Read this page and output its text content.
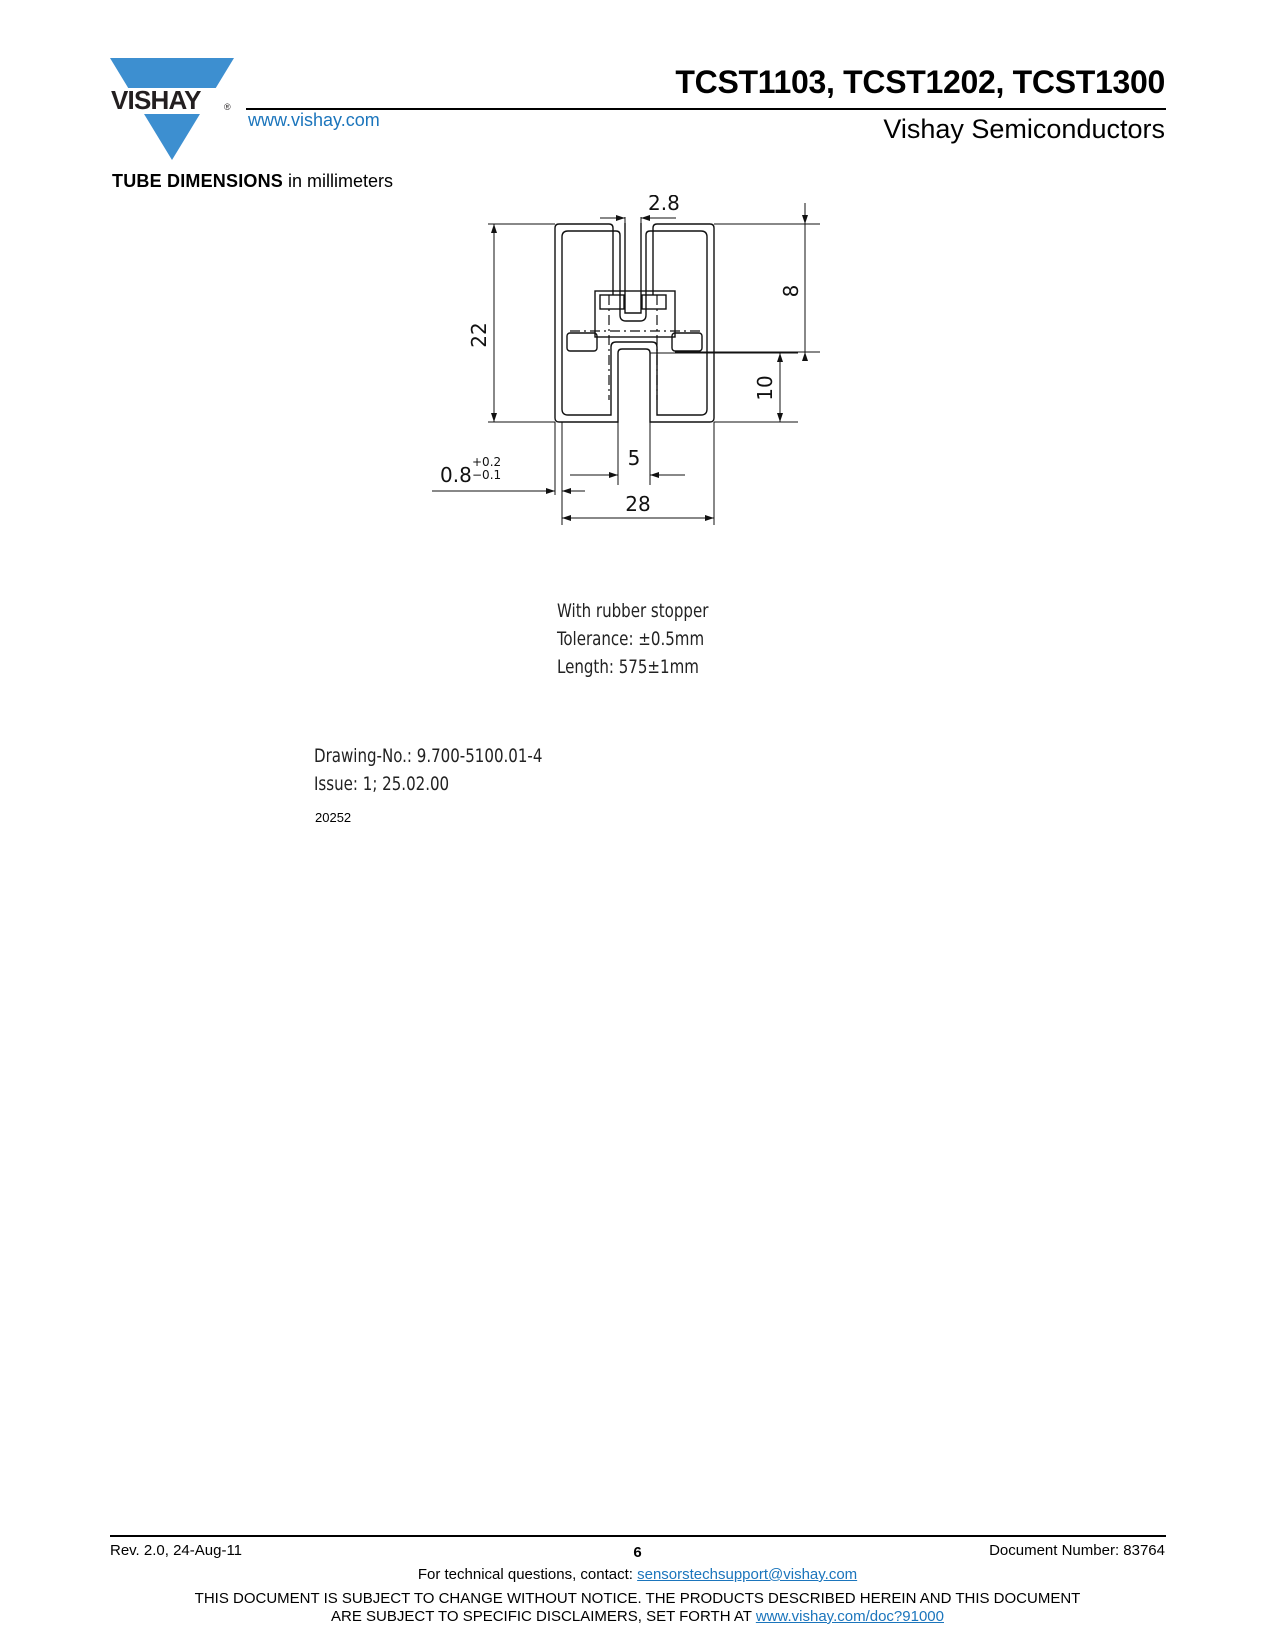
VISHAY	®
www.vishay.com
TCST1103, TCST1202, TCST1300
Vishay Semiconductors
TUBE DIMENSIONS in millimeters
2.8
22
8
10
5
0.8
+0.2
−0.1
28
With rubber stopper
Tolerance: ±0.5mm
Length: 575±1mm
Drawing-No.: 9.700-5100.01-4
Issue: 1; 25.02.00
20252
Rev. 2.0, 24-Aug-11	6	Document Number: 83764
For technical questions, contact: sensorstechsupport@vishay.com
THIS DOCUMENT IS SUBJECT TO CHANGE WITHOUT NOTICE. THE PRODUCTS DESCRIBED HEREIN AND THIS DOCUMENT
ARE SUBJECT TO SPECIFIC DISCLAIMERS, SET FORTH AT www.vishay.com/doc?91000
